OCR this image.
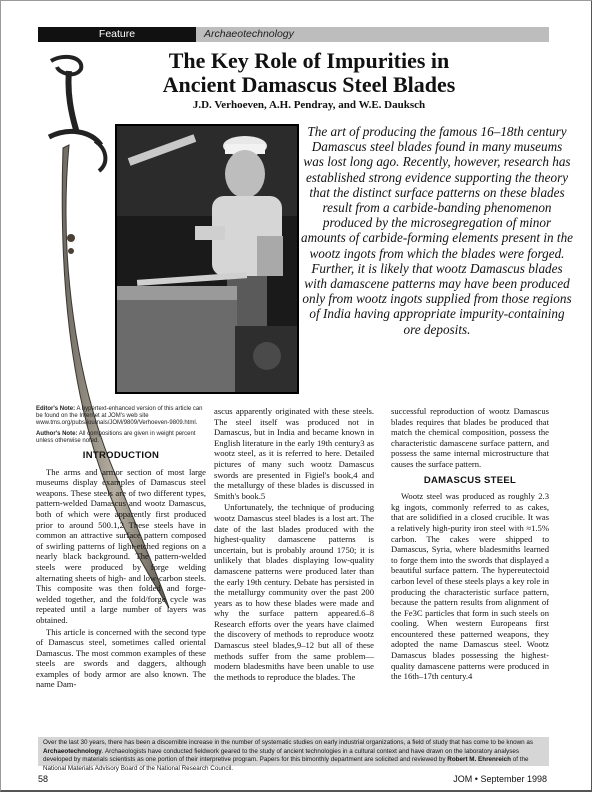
Feature	Archaeotechnology
The Key Role of Impurities in
Ancient Damascus Steel Blades
J.D. Verhoeven, A.H. Pendray, and W.E. Dauksch
The art of producing the famous 16–18th century Damascus steel blades found in many museums was lost long ago. Recently, however, research has established strong evidence supporting the theory that the distinct surface patterns on these blades result from a carbide-banding phenomenon produced by the microsegregation of minor amounts of carbide-forming elements present in the wootz ingots from which the blades were forged. Further, it is likely that wootz Damascus blades with damascene patterns may have been produced only from wootz ingots supplied from those regions of India having appropriate impurity-containing ore deposits.

Editor's Note: A hypertext-enhanced version of this article can be found on the Internet at JOM's web site www.tms.org/pubs/journals/JOM/9809/Verhoeven-9809.html.

Author's Note: All compositions are given in weight percent unless otherwise noted.

INTRODUCTION

The arms and armor section of most large museums display examples of Damascus steel weapons. These steels are of two different types, pattern-welded Damascus and wootz Damascus, both of which were apparently first produced prior to around 500.1,2 These steels have in common an attractive surface pattern composed of swirling patterns of light-etched regions on a nearly black background. The pattern-welded steels were produced by forge welding alternating sheets of high- and low-carbon steels. This composite was then folded and forge-welded together, and the fold/forge cycle was repeated until a large number of layers was obtained.

This article is concerned with the second type of Damascus steel, sometimes called oriental Damascus. The most common examples of these steels are swords and daggers, although examples of body armor are also known. The name Dam-

ascus apparently originated with these steels. The steel itself was produced not in Damascus, but in India and became known in English literature in the early 19th century3 as wootz steel, as it is referred to here. Detailed pictures of many such wootz Damascus swords are presented in Figiel's book,4 and the metallurgy of these blades is discussed in Smith's book.5

Unfortunately, the technique of producing wootz Damascus steel blades is a lost art. The date of the last blades produced with the highest-quality damascene patterns is uncertain, but is probably around 1750; it is unlikely that blades displaying low-quality damascene patterns were produced later than the early 19th century. Debate has persisted in the metallurgy community over the past 200 years as to how these blades were made and why the surface pattern appeared.6–8 Research efforts over the years have claimed the discovery of methods to reproduce wootz Damascus steel blades,9–12 but all of these methods suffer from the same problem—modern bladesmiths have been unable to use the methods to reproduce the blades. The

successful reproduction of wootz Damascus blades requires that blades be produced that match the chemical composition, possess the characteristic damascene surface pattern, and possess the same internal microstructure that causes the surface pattern.

DAMASCUS STEEL

Wootz steel was produced as roughly 2.3 kg ingots, commonly referred to as cakes, that are solidified in a closed crucible. It was a relatively high-purity iron steel with ≈1.5% carbon. The cakes were shipped to Damascus, Syria, where bladesmiths learned to forge them into the swords that displayed a beautiful surface pattern. The hypereutectoid carbon level of these steels plays a key role in producing the characteristic surface pattern, because the pattern results from alignment of the Fe3C particles that form in such steels on cooling. When western Europeans first encountered these patterned weapons, they adopted the name Damascus steel. Wootz Damascus blades possessing the highest-quality damascene patterns were produced in the 16th–17th century.4

Over the last 30 years, there has been a discernible increase in the number of systematic studies on early industrial organizations, a field of study that has come to be known as Archaeotechnology. Archaeologists have conducted fieldwork geared to the study of ancient technologies in a cultural context and have drawn on the laboratory analyses developed by materials scientists as one portion of their interpretive program. Papers for this bimonthly department are solicited and reviewed by Robert M. Ehrenreich of the National Materials Advisory Board of the National Research Council.
58	JOM • September 1998
